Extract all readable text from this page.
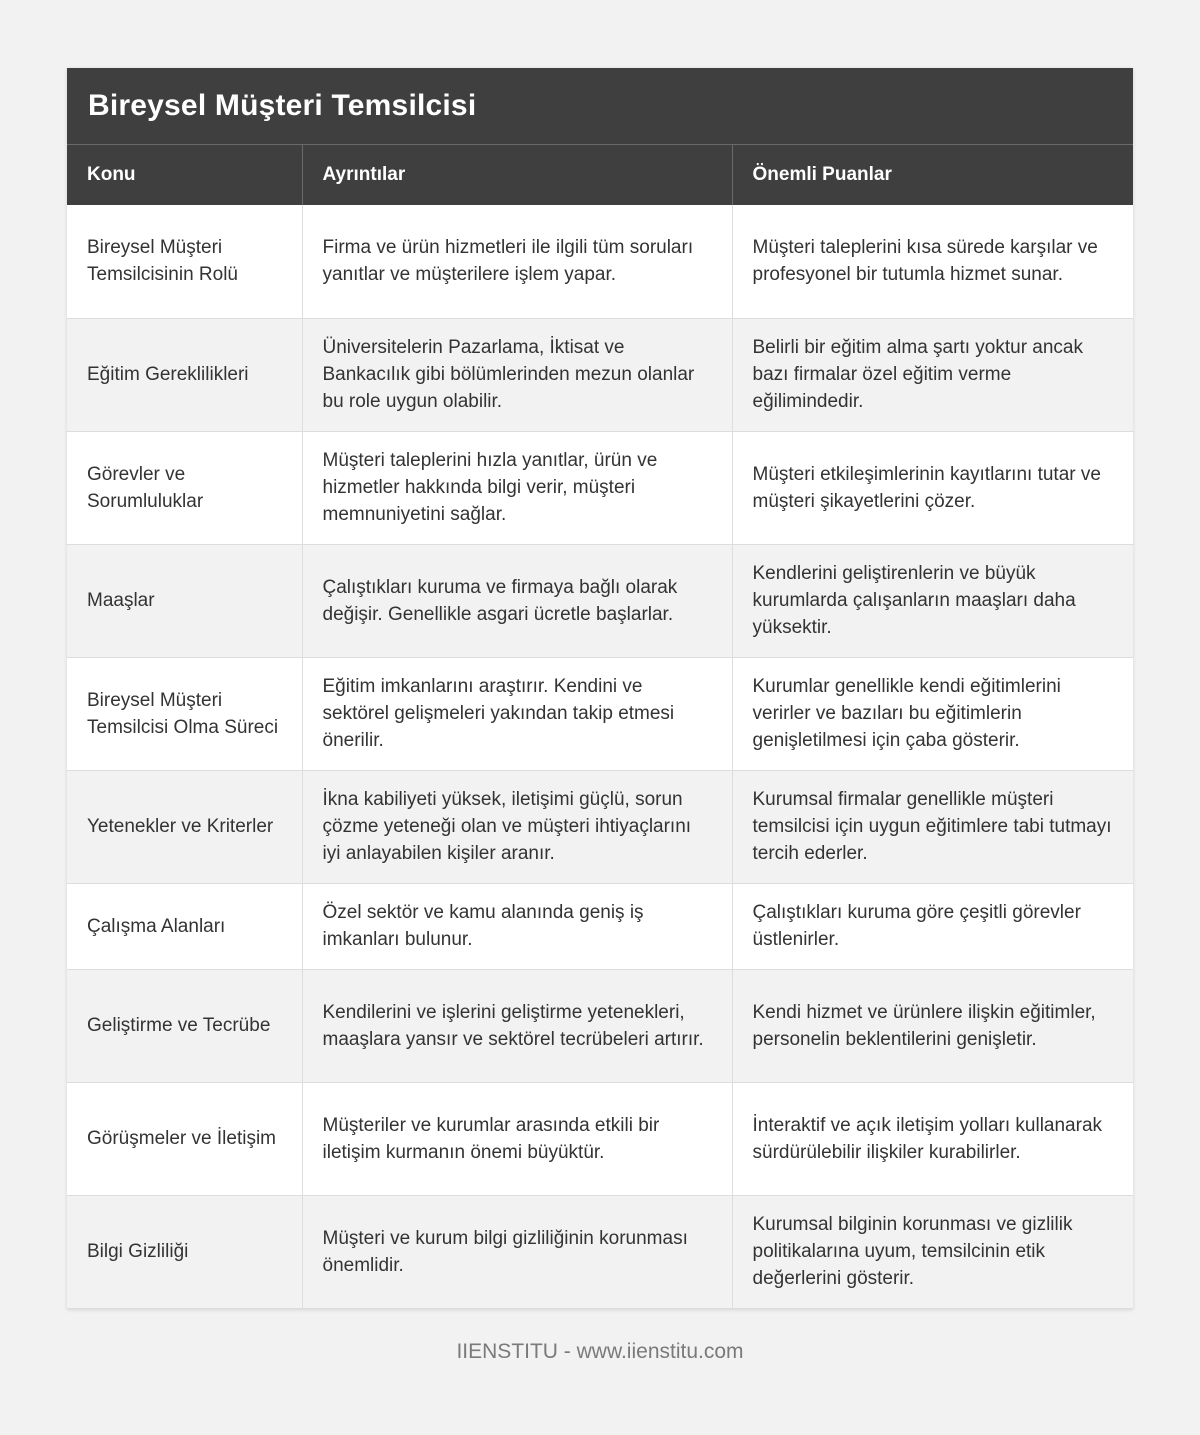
Bireysel Müşteri Temsilcisi
Konu	Ayrıntılar	Önemli Puanlar
Bireysel Müşteri Temsilcisinin Rolü	Firma ve ürün hizmetleri ile ilgili tüm soruları yanıtlar ve müşterilere işlem yapar.	Müşteri taleplerini kısa sürede karşılar ve profesyonel bir tutumla hizmet sunar.
Eğitim Gereklilikleri	Üniversitelerin Pazarlama, İktisat ve Bankacılık gibi bölümlerinden mezun olanlar bu role uygun olabilir.	Belirli bir eğitim alma şartı yoktur ancak bazı firmalar özel eğitim verme eğilimindedir.
Görevler ve Sorumluluklar	Müşteri taleplerini hızla yanıtlar, ürün ve hizmetler hakkında bilgi verir, müşteri memnuniyetini sağlar.	Müşteri etkileşimlerinin kayıtlarını tutar ve müşteri şikayetlerini çözer.
Maaşlar	Çalıştıkları kuruma ve firmaya bağlı olarak değişir. Genellikle asgari ücretle başlarlar.	Kendlerini geliştirenlerin ve büyük kurumlarda çalışanların maaşları daha yüksektir.
Bireysel Müşteri Temsilcisi Olma Süreci	Eğitim imkanlarını araştırır. Kendini ve sektörel gelişmeleri yakından takip etmesi önerilir.	Kurumlar genellikle kendi eğitimlerini verirler ve bazıları bu eğitimlerin genişletilmesi için çaba gösterir.
Yetenekler ve Kriterler	İkna kabiliyeti yüksek, iletişimi güçlü, sorun çözme yeteneği olan ve müşteri ihtiyaçlarını iyi anlayabilen kişiler aranır.	Kurumsal firmalar genellikle müşteri temsilcisi için uygun eğitimlere tabi tutmayı tercih ederler.
Çalışma Alanları	Özel sektör ve kamu alanında geniş iş imkanları bulunur.	Çalıştıkları kuruma göre çeşitli görevler üstlenirler.
Geliştirme ve Tecrübe	Kendilerini ve işlerini geliştirme yetenekleri, maaşlara yansır ve sektörel tecrübeleri artırır.	Kendi hizmet ve ürünlere ilişkin eğitimler, personelin beklentilerini genişletir.
Görüşmeler ve İletişim	Müşteriler ve kurumlar arasında etkili bir iletişim kurmanın önemi büyüktür.	İnteraktif ve açık iletişim yolları kullanarak sürdürülebilir ilişkiler kurabilirler.
Bilgi Gizliliği	Müşteri ve kurum bilgi gizliliğinin korunması önemlidir.	Kurumsal bilginin korunması ve gizlilik politikalarına uyum, temsilcinin etik değerlerini gösterir.
IIENSTITU - www.iienstitu.com
